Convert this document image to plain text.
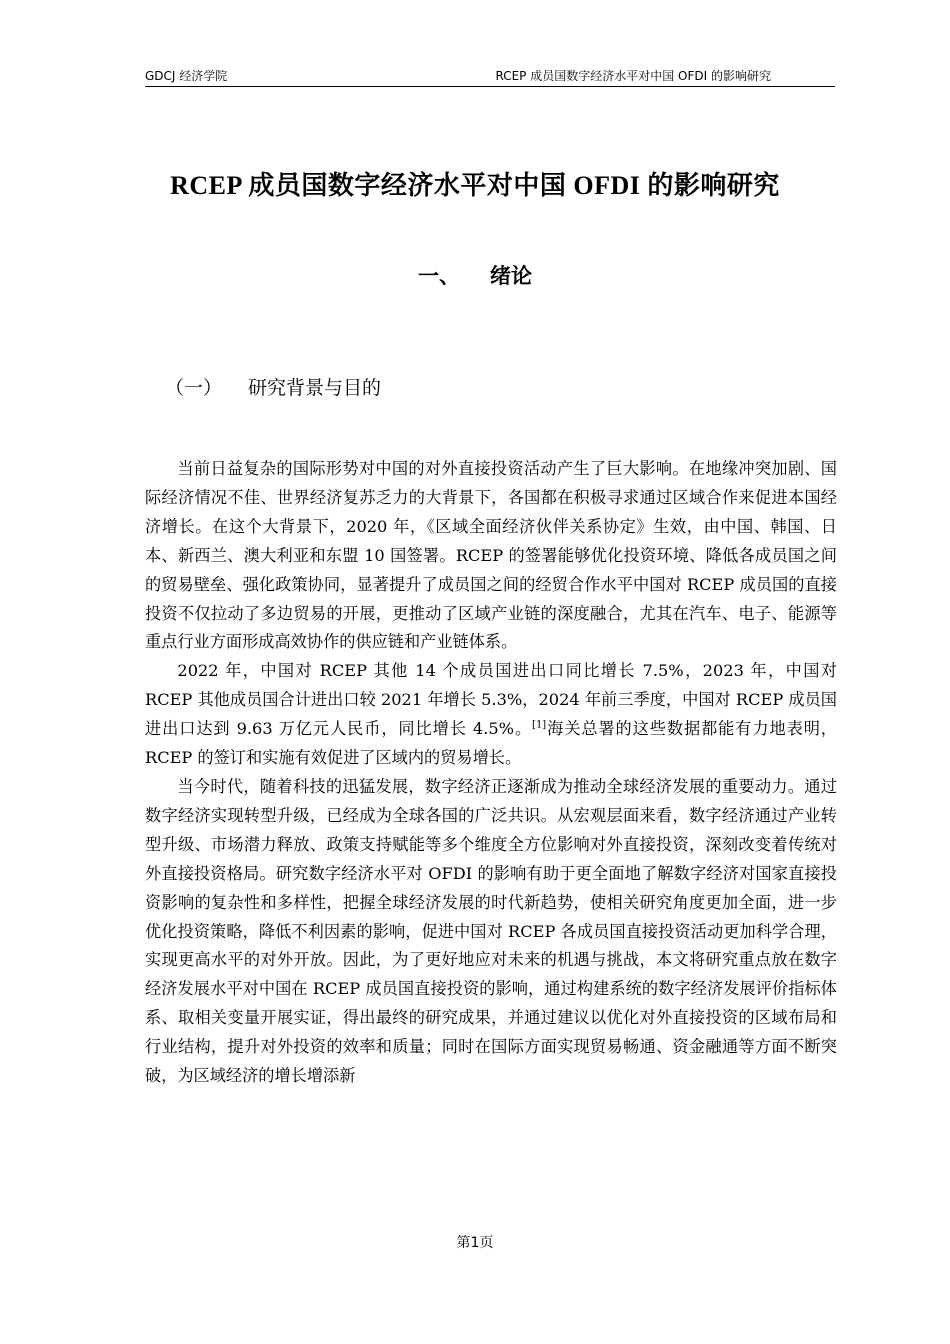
GDCJ 经济学院	RCEP 成员国数字经济水平对中国 OFDI 的影响研究
RCEP 成员国数字经济水平对中国 OFDI 的影响研究
一、 绪论
（一） 研究背景与目的

当前日益复杂的国际形势对中国的对外直接投资活动产生了巨大影响。在地缘冲突加剧、国际经济情况不佳、世界经济复苏乏力的大背景下，各国都在积极寻求通过区域合作来促进本国经济增长。在这个大背景下，2020 年，《区域全面经济伙伴关系协定》生效，由中国、韩国、日本、新西兰、澳大利亚和东盟 10 国签署。RCEP 的签署能够优化投资环境、降低各成员国之间的贸易壁垒、强化政策协同，显著提升了成员国之间的经贸合作水平中国对 RCEP 成员国的直接投资不仅拉动了多边贸易的开展，更推动了区域产业链的深度融合，尤其在汽车、电子、能源等重点行业方面形成高效协作的供应链和产业链体系。

2022 年，中国对 RCEP 其他 14 个成员国进出口同比增长 7.5%，2023 年，中国对 RCEP 其他成员国合计进出口较 2021 年增长 5.3%，2024 年前三季度，中国对 RCEP 成员国进出口达到 9.63 万亿元人民币，同比增长 4.5%。[1]海关总署的这些数据都能有力地表明，RCEP 的签订和实施有效促进了区域内的贸易增长。

当今时代，随着科技的迅猛发展，数字经济正逐渐成为推动全球经济发展的重要动力。通过数字经济实现转型升级，已经成为全球各国的广泛共识。从宏观层面来看，数字经济通过产业转型升级、市场潜力释放、政策支持赋能等多个维度全方位影响对外直接投资，深刻改变着传统对外直接投资格局。研究数字经济水平对 OFDI 的影响有助于更全面地了解数字经济对国家直接投资影响的复杂性和多样性，把握全球经济发展的时代新趋势，使相关研究角度更加全面，进一步优化投资策略，降低不利因素的影响，促进中国对 RCEP 各成员国直接投资活动更加科学合理，实现更高水平的对外开放。因此，为了更好地应对未来的机遇与挑战，本文将研究重点放在数字经济发展水平对中国在 RCEP 成员国直接投资的影响，通过构建系统的数字经济发展评价指标体系、取相关变量开展实证，得出最终的研究成果，并通过建议以优化对外直接投资的区域布局和行业结构，提升对外投资的效率和质量；同时在国际方面实现贸易畅通、资金融通等方面不断突破，为区域经济的增长增添新

第1页
